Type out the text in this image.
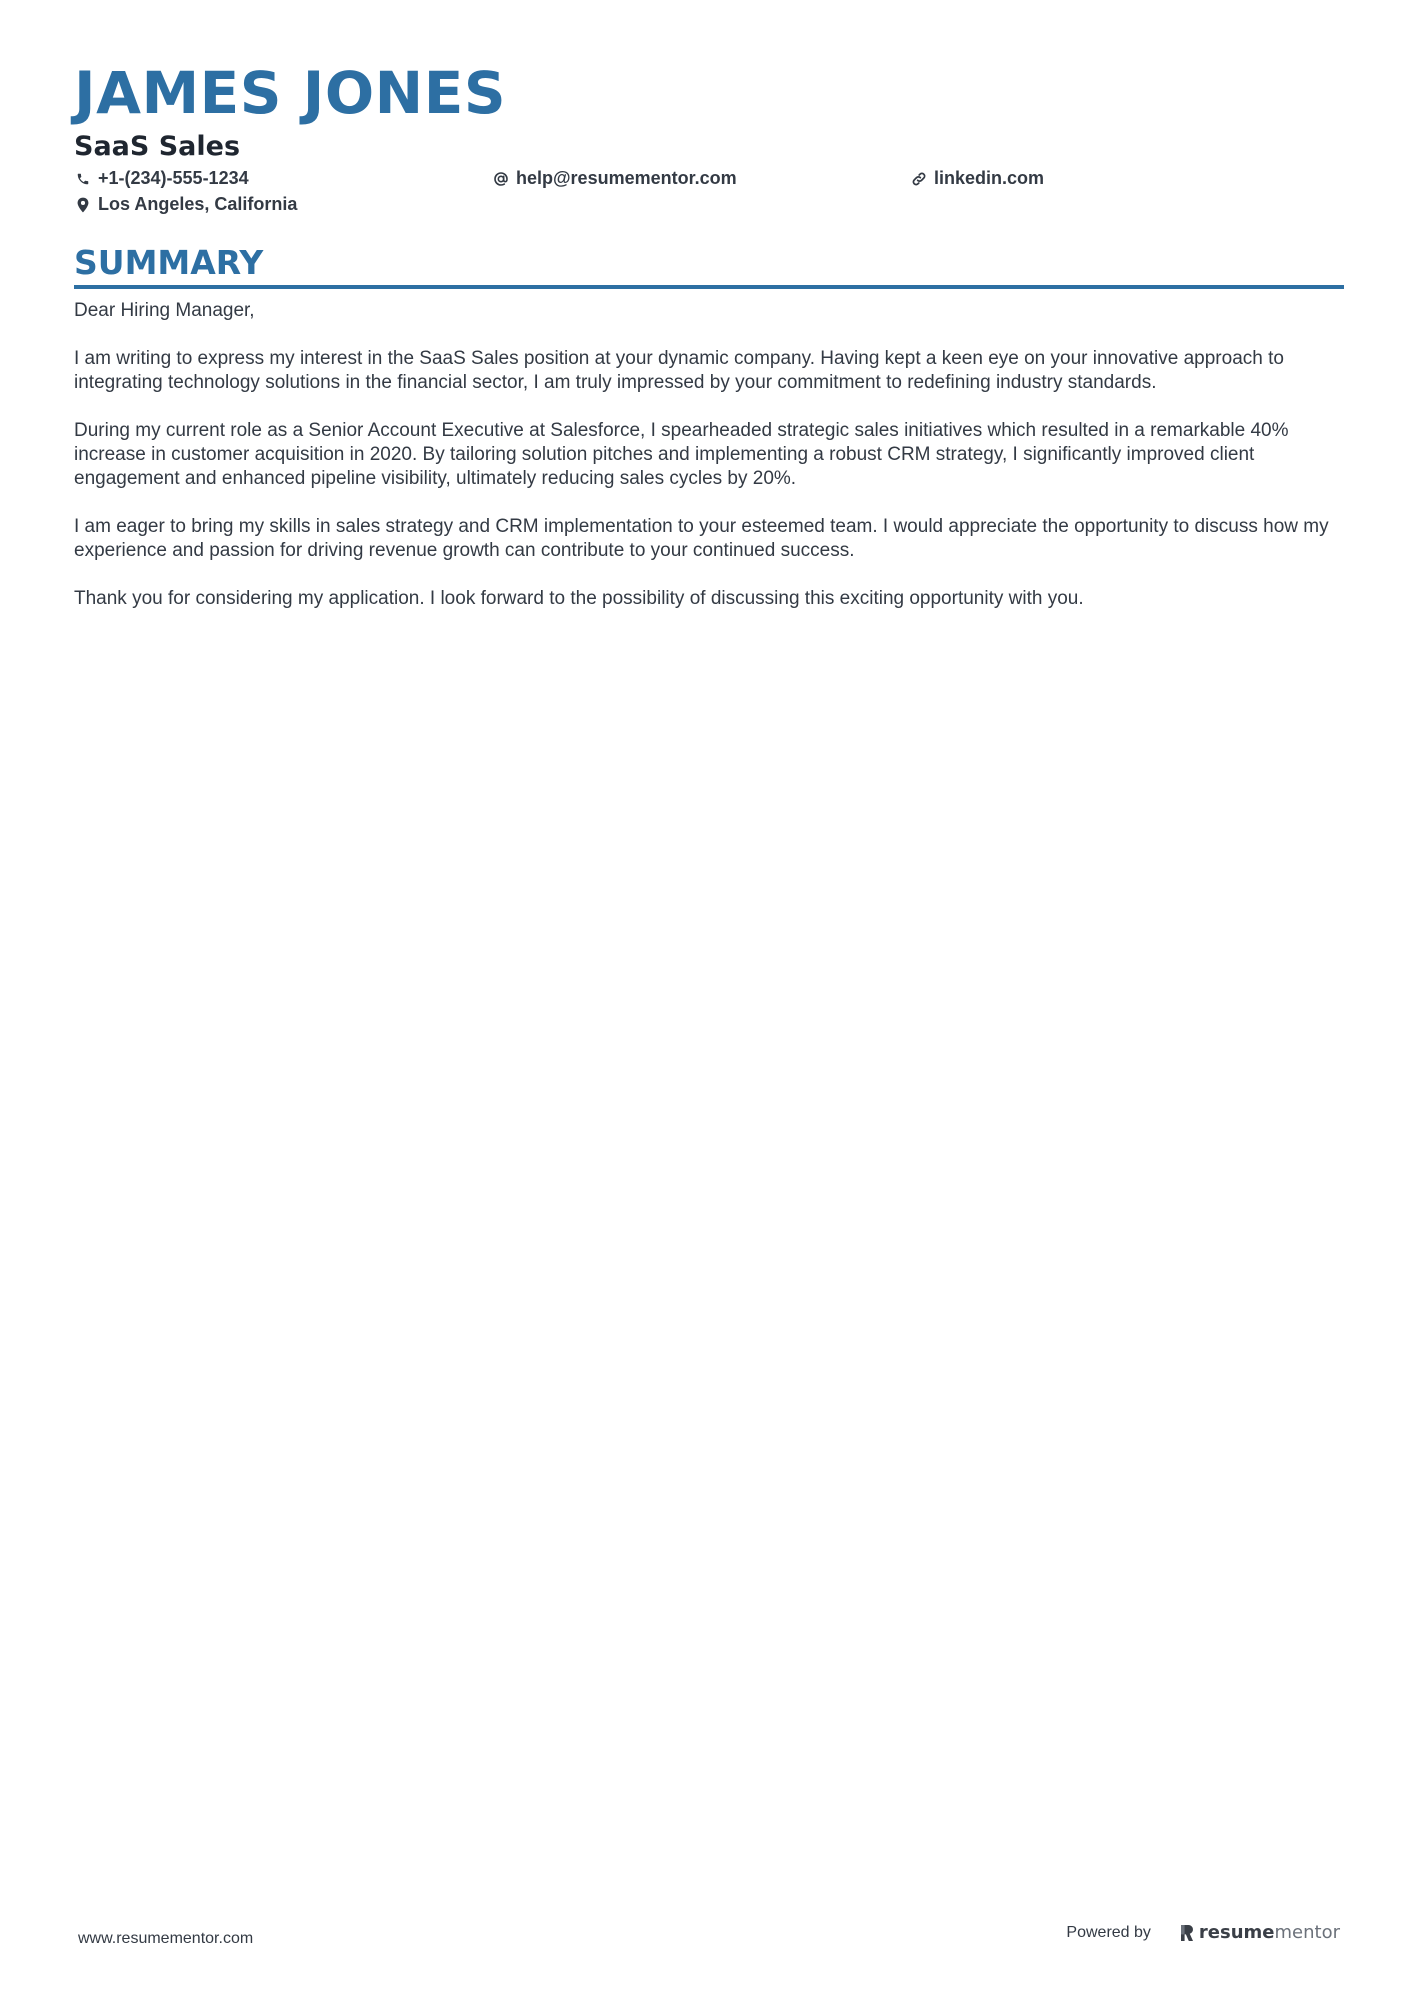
JAMES JONES
SaaS Sales
+1-(234)-555-1234	help@resumementor.com	linkedin.com
Los Angeles, California
SUMMARY

Dear Hiring Manager,

I am writing to express my interest in the SaaS Sales position at your dynamic company. Having kept a keen eye on your innovative approach to integrating technology solutions in the financial sector, I am truly impressed by your commitment to redefining industry standards.

During my current role as a Senior Account Executive at Salesforce, I spearheaded strategic sales initiatives which resulted in a remarkable 40% increase in customer acquisition in 2020. By tailoring solution pitches and implementing a robust CRM strategy, I significantly improved client engagement and enhanced pipeline visibility, ultimately reducing sales cycles by 20%.

I am eager to bring my skills in sales strategy and CRM implementation to your esteemed team. I would appreciate the opportunity to discuss how my experience and passion for driving revenue growth can contribute to your continued success.

Thank you for considering my application. I look forward to the possibility of discussing this exciting opportunity with you.

www.resumementor.com	Powered by	resume mentor
